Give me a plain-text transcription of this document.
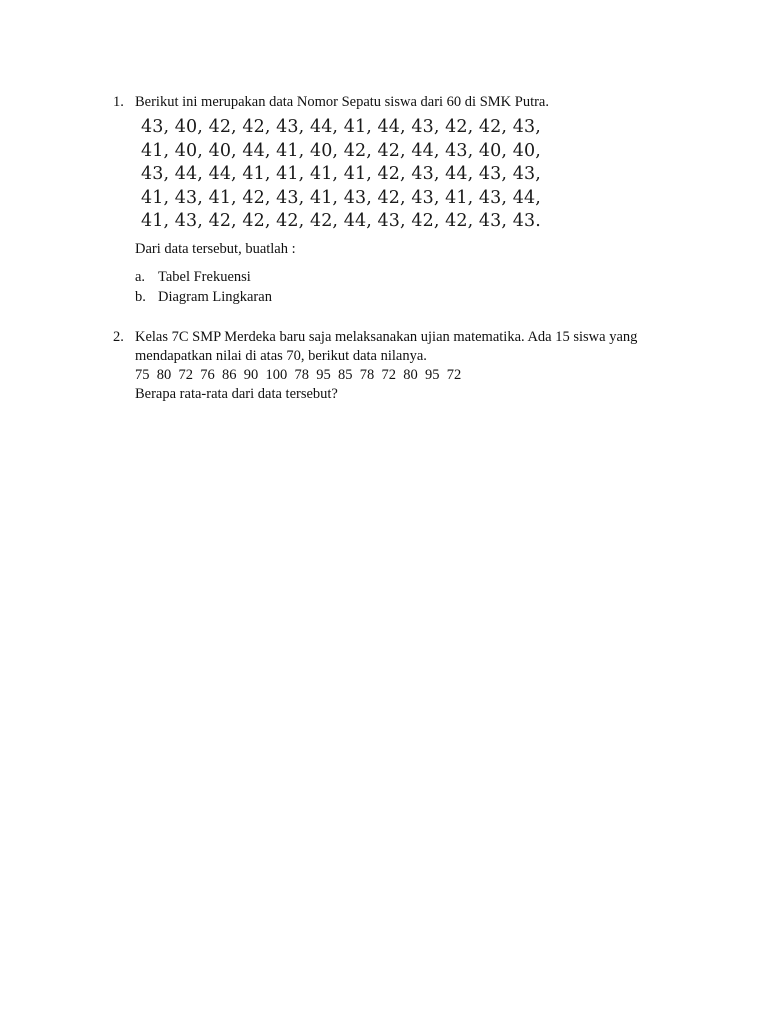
1. Berikut ini merupakan data Nomor Sepatu siswa dari 60 di SMK Putra.
43, 40, 42, 42, 43, 44, 41, 44, 43, 42, 42, 43,
41, 40, 40, 44, 41, 40, 42, 42, 44, 43, 40, 40,
43, 44, 44, 41, 41, 41, 41, 42, 43, 44, 43, 43,
41, 43, 41, 42, 43, 41, 43, 42, 43, 41, 43, 44,
41, 43, 42, 42, 42, 42, 44, 43, 42, 42, 43, 43.
Dari data tersebut, buatlah :
a. Tabel Frekuensi
b. Diagram Lingkaran
2. Kelas 7C SMP Merdeka baru saja melaksanakan ujian matematika. Ada 15 siswa yang mendapatkan nilai di atas 70, berikut data nilanya.
75  80  72  76  86  90  100  78  95  85  78  72  80  95  72
Berapa rata-rata dari data tersebut?
